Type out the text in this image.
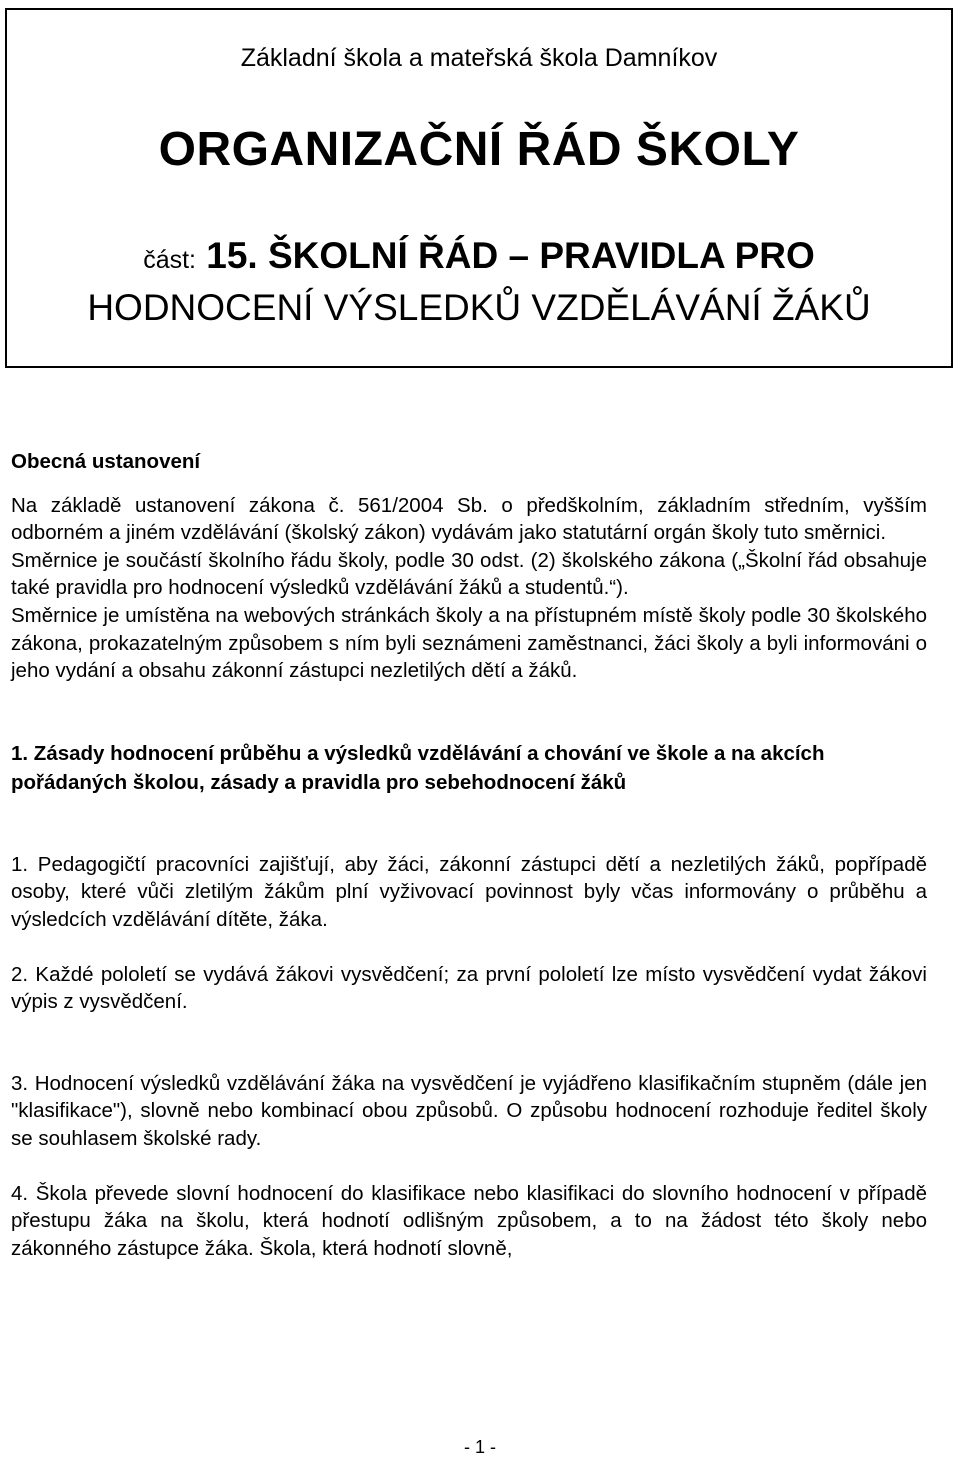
Základní škola a mateřská škola Damníkov
ORGANIZAČNÍ ŘÁD ŠKOLY
část: 15. ŠKOLNÍ ŘÁD – PRAVIDLA PRO
HODNOCENÍ VÝSLEDKŮ VZDĚLÁVÁNÍ ŽÁKŮ

Obecná ustanovení

Na základě ustanovení zákona č. 561/2004 Sb. o předškolním, základním středním, vyšším odborném a jiném vzdělávání (školský zákon) vydávám jako statutární orgán školy tuto směrnici.

Směrnice je součástí školního řádu školy, podle 30 odst. (2) školského zákona („Školní řád obsahuje také pravidla pro hodnocení výsledků vzdělávání žáků a studentů.“).

Směrnice je umístěna na webových stránkách školy a na přístupném místě školy podle 30 školského zákona, prokazatelným způsobem s ním byli seznámeni zaměstnanci, žáci školy a byli informováni o jeho vydání a obsahu zákonní zástupci nezletilých dětí a žáků.

1. Zásady hodnocení průběhu a výsledků vzdělávání a chování ve škole a na akcích pořádaných školou, zásady a pravidla pro sebehodnocení žáků

1. Pedagogičtí pracovníci zajišťují, aby žáci, zákonní zástupci dětí a nezletilých žáků, popřípadě osoby, které vůči zletilým žákům plní vyživovací povinnost byly včas informovány o průběhu a výsledcích vzdělávání dítěte, žáka.

2. Každé pololetí se vydává žákovi vysvědčení; za první pololetí lze místo vysvědčení vydat žákovi výpis z vysvědčení.

3. Hodnocení výsledků vzdělávání žáka na vysvědčení je vyjádřeno klasifikačním stupněm (dále jen "klasifikace"), slovně nebo kombinací obou způsobů. O způsobu hodnocení rozhoduje ředitel školy se souhlasem školské rady.

4. Škola převede slovní hodnocení do klasifikace nebo klasifikaci do slovního hodnocení v případě přestupu žáka na školu, která hodnotí odlišným způsobem, a to na žádost této školy nebo zákonného zástupce žáka. Škola, která hodnotí slovně,

- 1 -
